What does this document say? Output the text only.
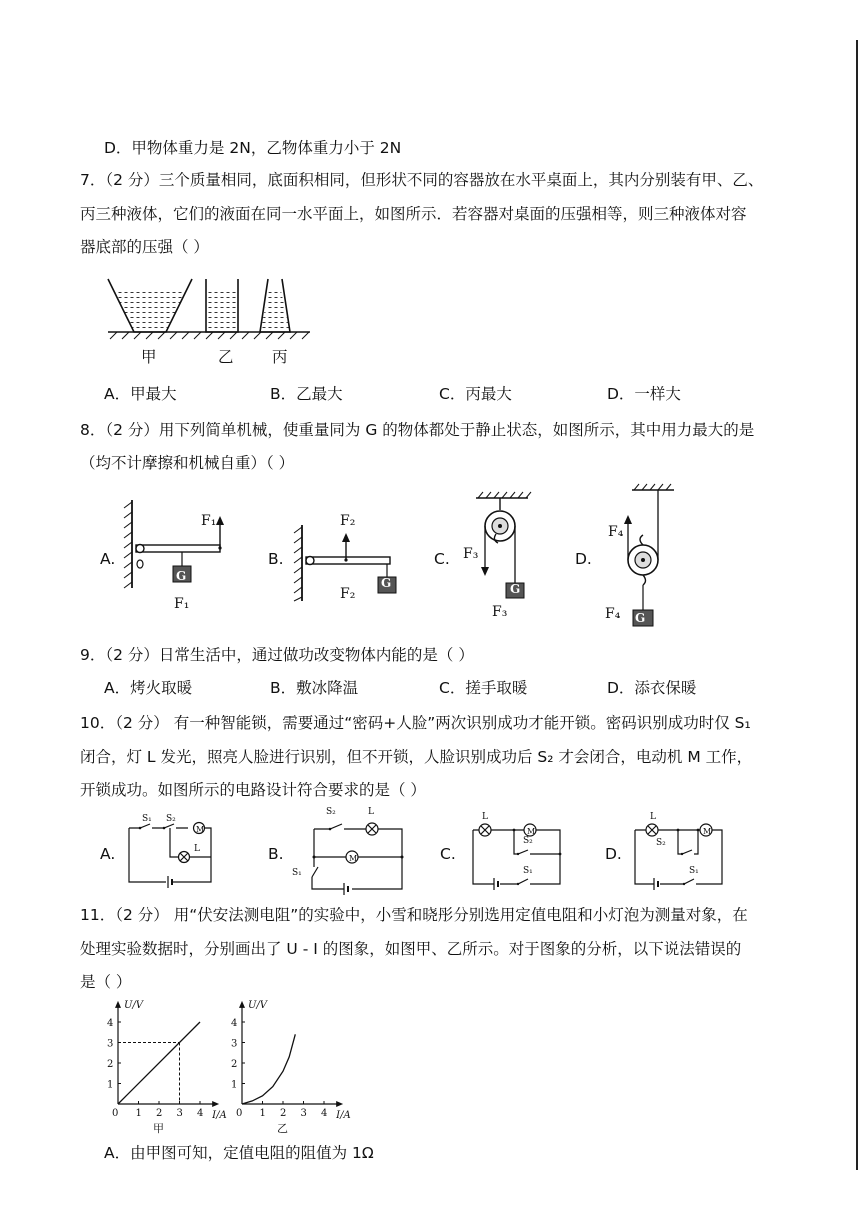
D．甲物体重力是 2N，乙物体重力小于 2N
7．（2 分）三个质量相同，底面积相同，但形状不同的容器放在水平桌面上，其内分别装有甲、乙、
丙三种液体，它们的液面在同一水平面上，如图所示．若容器对桌面的压强相等，则三种液体对容
器底部的压强（ ）
甲	乙 丙
A．甲最大	B．乙最大	C．丙最大	D．一样大
8．（2 分）用下列简单机械，使重量同为 G 的物体都处于静止状态，如图所示，其中用力最大的是
（均不计摩擦和机械自重）（ ）
A.	B.	C.	D.
G
F₁
F₁
G
F₂
F₂	G
F₃
F₃	G
F₄
F₄
9．（2 分）日常生活中，通过做功改变物体内能的是（ ）
A．烤火取暖	B．敷冰降温	C．搓手取暖	D．添衣保暖
10．（2 分） 有一种智能锁，需要通过“密码+人脸”两次识别成功才能开锁。密码识别成功时仅 S₁
闭合，灯 L 发光，照亮人脸进行识别，但不开锁，人脸识别成功后 S₂ 才会闭合，电动机 M 工作，
开锁成功。如图所示的电路设计符合要求的是（ ）
A.	B.	C.	D.
M
S₁ S₂
L
M
S₂	L
S₁
M
L
S₂
S₁
M
L
S₂
S₁
11．（2 分） 用“伏安法测电阻”的实验中，小雪和晓彤分别选用定值电阻和小灯泡为测量对象，在
处理实验数据时，分别画出了 U - I 的图象，如图甲、乙所示。对于图象的分析，以下说法错误的
是（ ）
0 1 2 3 4
1
2
3
4
U/V
I/A
甲
0 1 2 3 4
1
2
3
4
U/V
I/A
乙
A．由甲图可知，定值电阻的阻值为 1Ω
